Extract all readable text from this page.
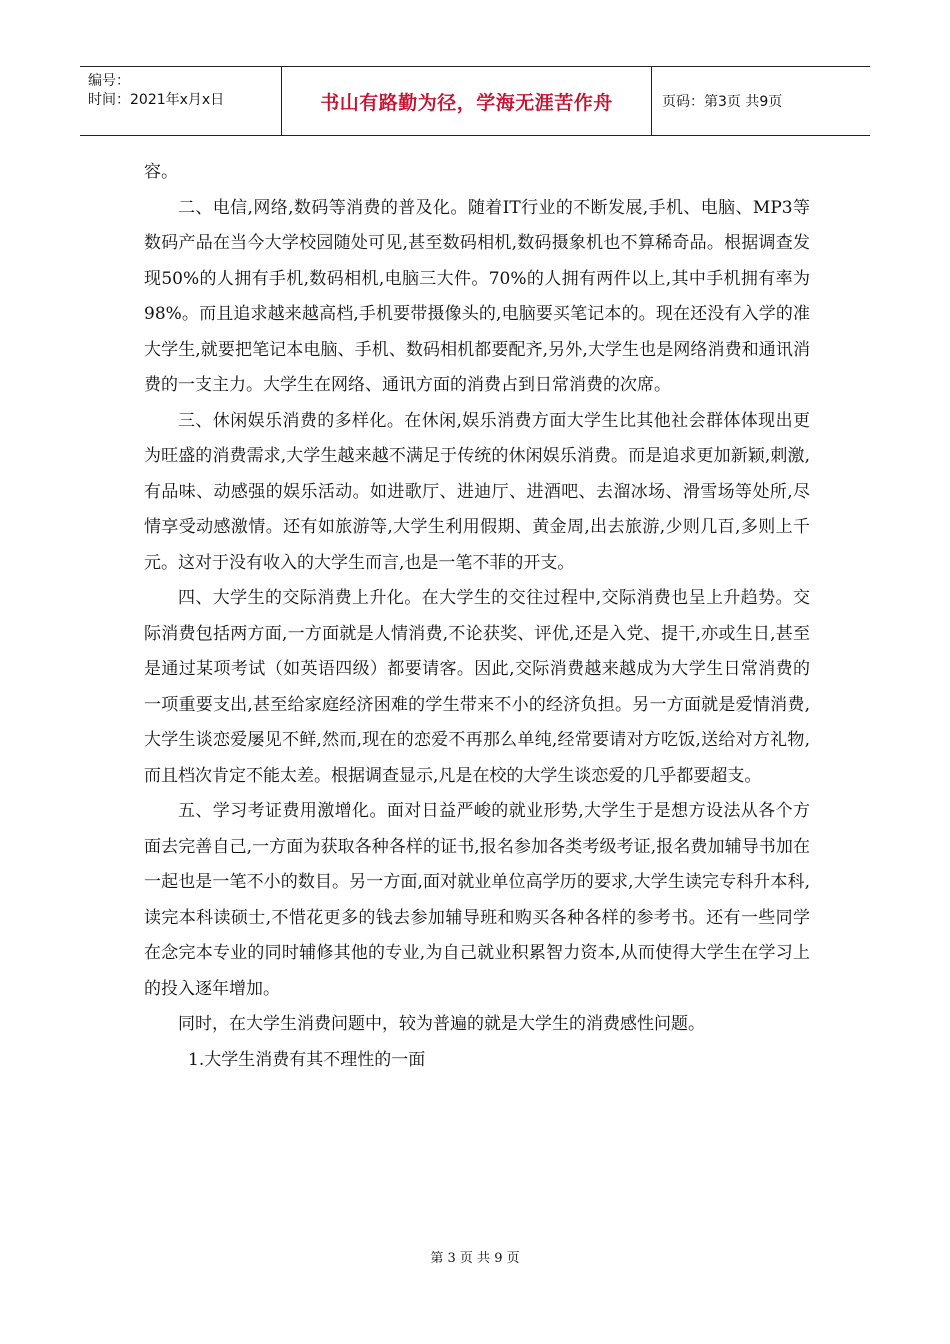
编号：
时间：2021年x月x日	书山有路勤为径，学海无涯苦作舟	页码：第3页 共9页

容。

二、电信,网络,数码等消费的普及化。随着IT行业的不断发展,手机、电脑、MP3等数码产品在当今大学校园随处可见,甚至数码相机,数码摄象机也不算稀奇品。根据调查发现50%的人拥有手机,数码相机,电脑三大件。70%的人拥有两件以上,其中手机拥有率为98%。而且追求越来越高档,手机要带摄像头的,电脑要买笔记本的。现在还没有入学的准大学生,就要把笔记本电脑、手机、数码相机都要配齐,另外,大学生也是网络消费和通讯消费的一支主力。大学生在网络、通讯方面的消费占到日常消费的次席。

三、休闲娱乐消费的多样化。在休闲,娱乐消费方面大学生比其他社会群体体现出更为旺盛的消费需求,大学生越来越不满足于传统的休闲娱乐消费。而是追求更加新颖,刺激,有品味、动感强的娱乐活动。如进歌厅、进迪厅、进酒吧、去溜冰场、滑雪场等处所,尽情享受动感激情。还有如旅游等,大学生利用假期、黄金周,出去旅游,少则几百,多则上千元。这对于没有收入的大学生而言,也是一笔不菲的开支。

四、大学生的交际消费上升化。在大学生的交往过程中,交际消费也呈上升趋势。交际消费包括两方面,一方面就是人情消费,不论获奖、评优,还是入党、提干,亦或生日,甚至是通过某项考试（如英语四级）都要请客。因此,交际消费越来越成为大学生日常消费的一项重要支出,甚至给家庭经济困难的学生带来不小的经济负担。另一方面就是爱情消费,大学生谈恋爱屡见不鲜,然而,现在的恋爱不再那么单纯,经常要请对方吃饭,送给对方礼物,而且档次肯定不能太差。根据调查显示,凡是在校的大学生谈恋爱的几乎都要超支。

五、学习考证费用激增化。面对日益严峻的就业形势,大学生于是想方设法从各个方面去完善自己,一方面为获取各种各样的证书,报名参加各类考级考证,报名费加辅导书加在一起也是一笔不小的数目。另一方面,面对就业单位高学历的要求,大学生读完专科升本科,读完本科读硕士,不惜花更多的钱去参加辅导班和购买各种各样的参考书。还有一些同学在念完本专业的同时辅修其他的专业,为自己就业积累智力资本,从而使得大学生在学习上的投入逐年增加。

同时，在大学生消费问题中，较为普遍的就是大学生的消费感性问题。

1.大学生消费有其不理性的一面

第 3 页 共 9 页
